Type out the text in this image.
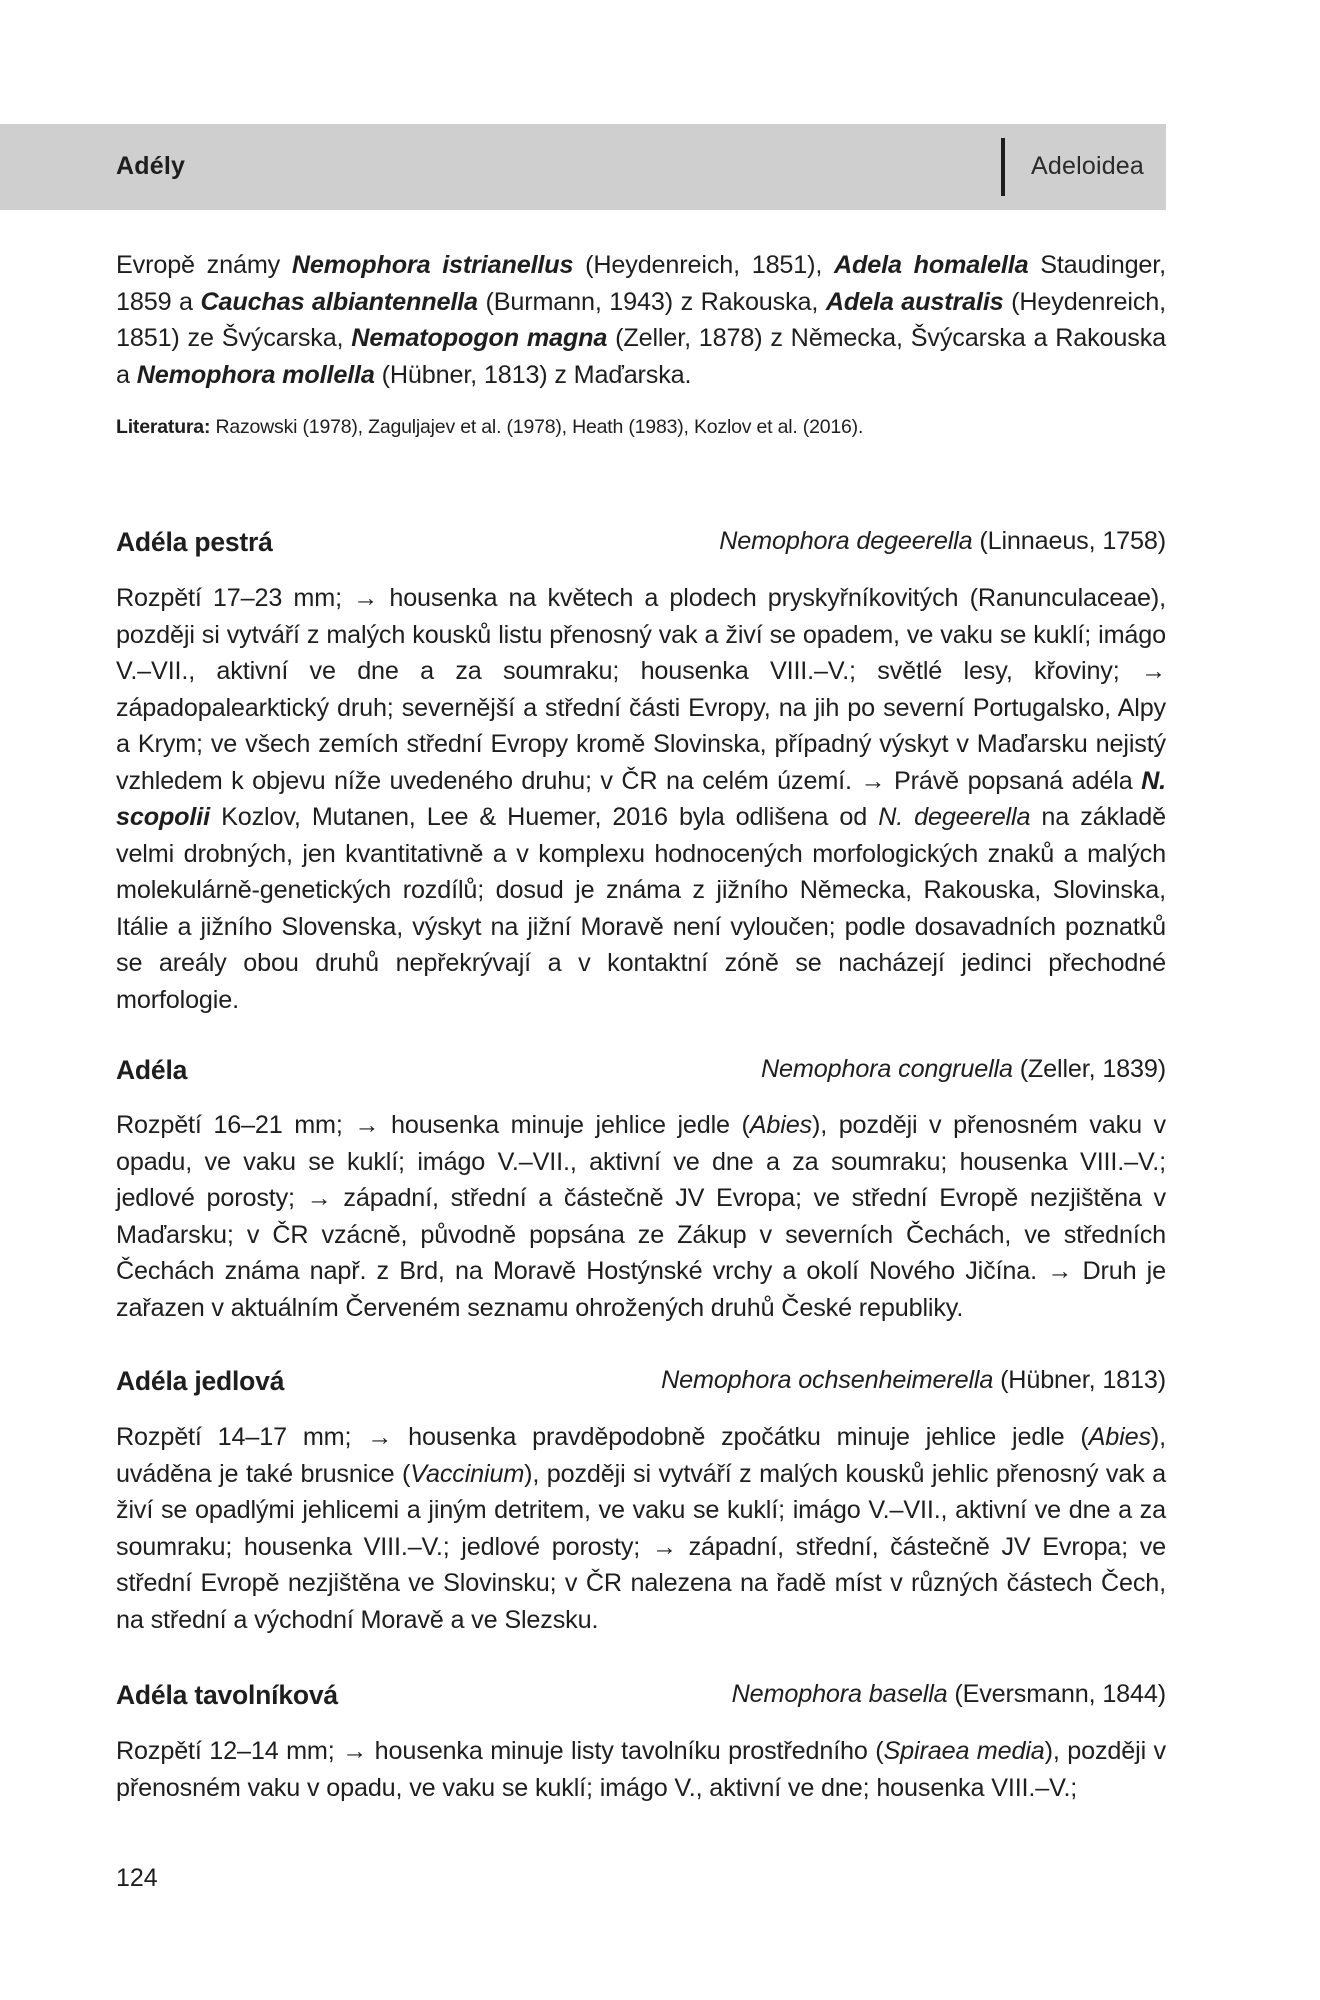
Adély	Adeloidea

Evropě známy Nemophora istrianellus (Heydenreich, 1851), Adela homalella Staudinger, 1859 a Cauchas albiantennella (Burmann, 1943) z Rakouska, Adela australis (Heydenreich, 1851) ze Švýcarska, Nematopogon magna (Zeller, 1878) z Německa, Švýcarska a Rakouska a Nemophora mollella (Hübner, 1813) z Maďarska.

Literatura: Razowski (1978), Zaguljajev et al. (1978), Heath (1983), Kozlov et al. (2016).

Adéla pestrá	Nemophora degeerella (Linnaeus, 1758)

Rozpětí 17–23 mm; → housenka na květech a plodech pryskyřníkovitých (Ranunculaceae), později si vytváří z malých kousků listu přenosný vak a živí se opadem, ve vaku se kuklí; imágo V.–VII., aktivní ve dne a za soumraku; housenka VIII.–V.; světlé lesy, křoviny; → západopalearktický druh; severnější a střední části Evropy, na jih po severní Portugalsko, Alpy a Krym; ve všech zemích střední Evropy kromě Slovinska, případný výskyt v Maďarsku nejistý vzhledem k objevu níže uvedeného druhu; v ČR na celém území. → Právě popsaná adéla N. scopolii Kozlov, Mutanen, Lee & Huemer, 2016 byla odlišena od N. degeerella na základě velmi drobných, jen kvantitativně a v komplexu hodnocených morfologických znaků a malých molekulárně-genetických rozdílů; dosud je známa z jižního Německa, Rakouska, Slovinska, Itálie a jižního Slovenska, výskyt na jižní Moravě není vyloučen; podle dosavadních poznatků se areály obou druhů nepřekrývají a v kontaktní zóně se nacházejí jedinci přechodné morfologie.

Adéla	Nemophora congruella (Zeller, 1839)

Rozpětí 16–21 mm; → housenka minuje jehlice jedle (Abies), později v přenosném vaku v opadu, ve vaku se kuklí; imágo V.–VII., aktivní ve dne a za soumraku; housenka VIII.–V.; jedlové porosty; → západní, střední a částečně JV Evropa; ve střední Evropě nezjištěna v Maďarsku; v ČR vzácně, původně popsána ze Zákup v severních Čechách, ve středních Čechách známa např. z Brd, na Moravě Hostýnské vrchy a okolí Nového Jičína. → Druh je zařazen v aktuálním Červeném seznamu ohrožených druhů České republiky.

Adéla jedlová	Nemophora ochsenheimerella (Hübner, 1813)

Rozpětí 14–17 mm; → housenka pravděpodobně zpočátku minuje jehlice jedle (Abies), uváděna je také brusnice (Vaccinium), později si vytváří z malých kousků jehlic přenosný vak a živí se opadlými jehlicemi a jiným detritem, ve vaku se kuklí; imágo V.–VII., aktivní ve dne a za soumraku; housenka VIII.–V.; jedlové porosty; → západní, střední, částečně JV Evropa; ve střední Evropě nezjištěna ve Slovinsku; v ČR nalezena na řadě míst v různých částech Čech, na střední a východní Moravě a ve Slezsku.

Adéla tavolníková	Nemophora basella (Eversmann, 1844)

Rozpětí 12–14 mm; → housenka minuje listy tavolníku prostředního (Spiraea media), později v přenosném vaku v opadu, ve vaku se kuklí; imágo V., aktivní ve dne; housenka VIII.–V.;

124
